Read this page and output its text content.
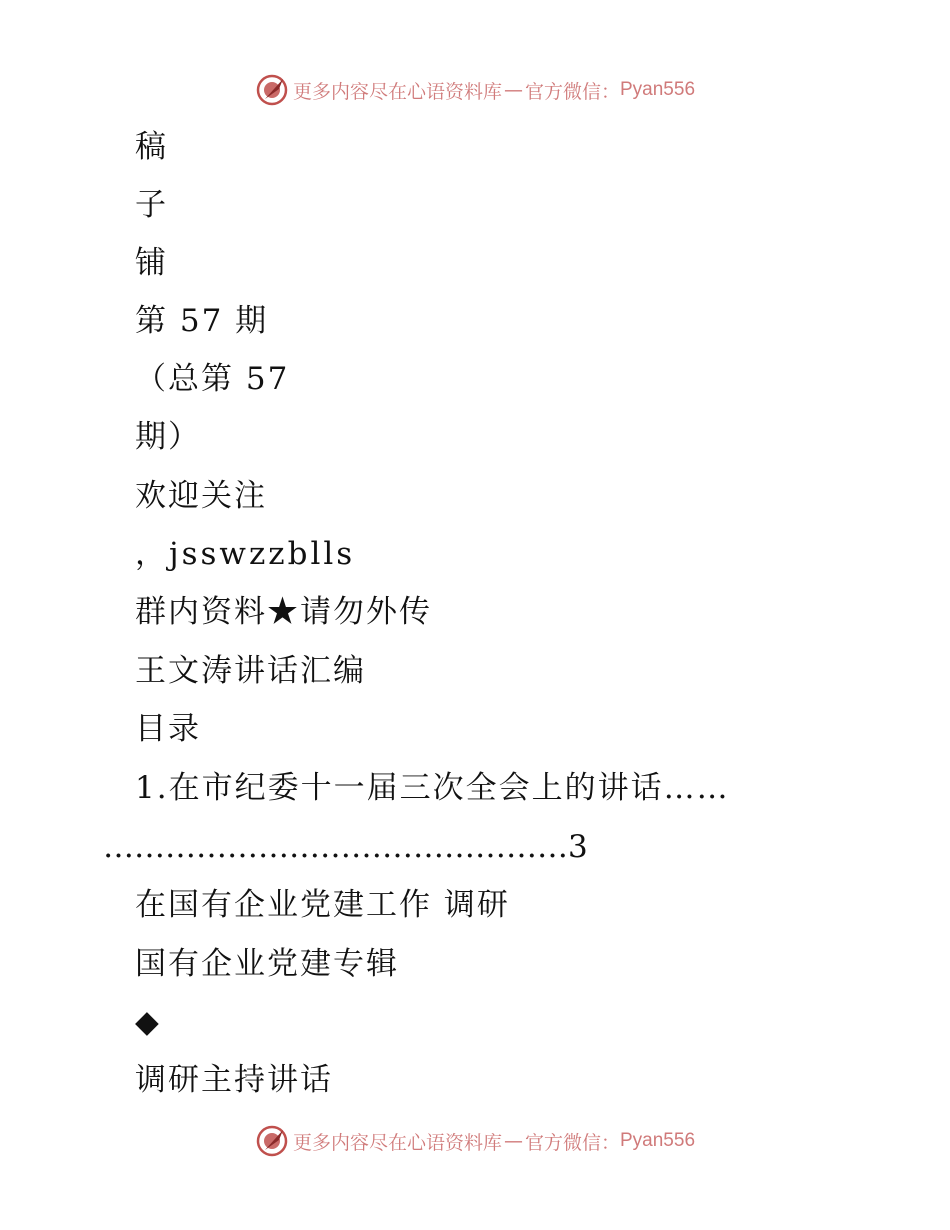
更多内容尽在心语资料库 — 官方微信： Pyan556
稿
子
铺
第 57 期
（总第 57
期）
欢迎关注
，jsswzzblls
群内资料★请勿外传
王文涛讲话汇编
目录
1.在市纪委十一届三次全会上的讲话……
………………………………………3
在国有企业党建工作 调研
国有企业党建专辑
◆
调研主持讲话
更多内容尽在心语资料库 — 官方微信： Pyan556
